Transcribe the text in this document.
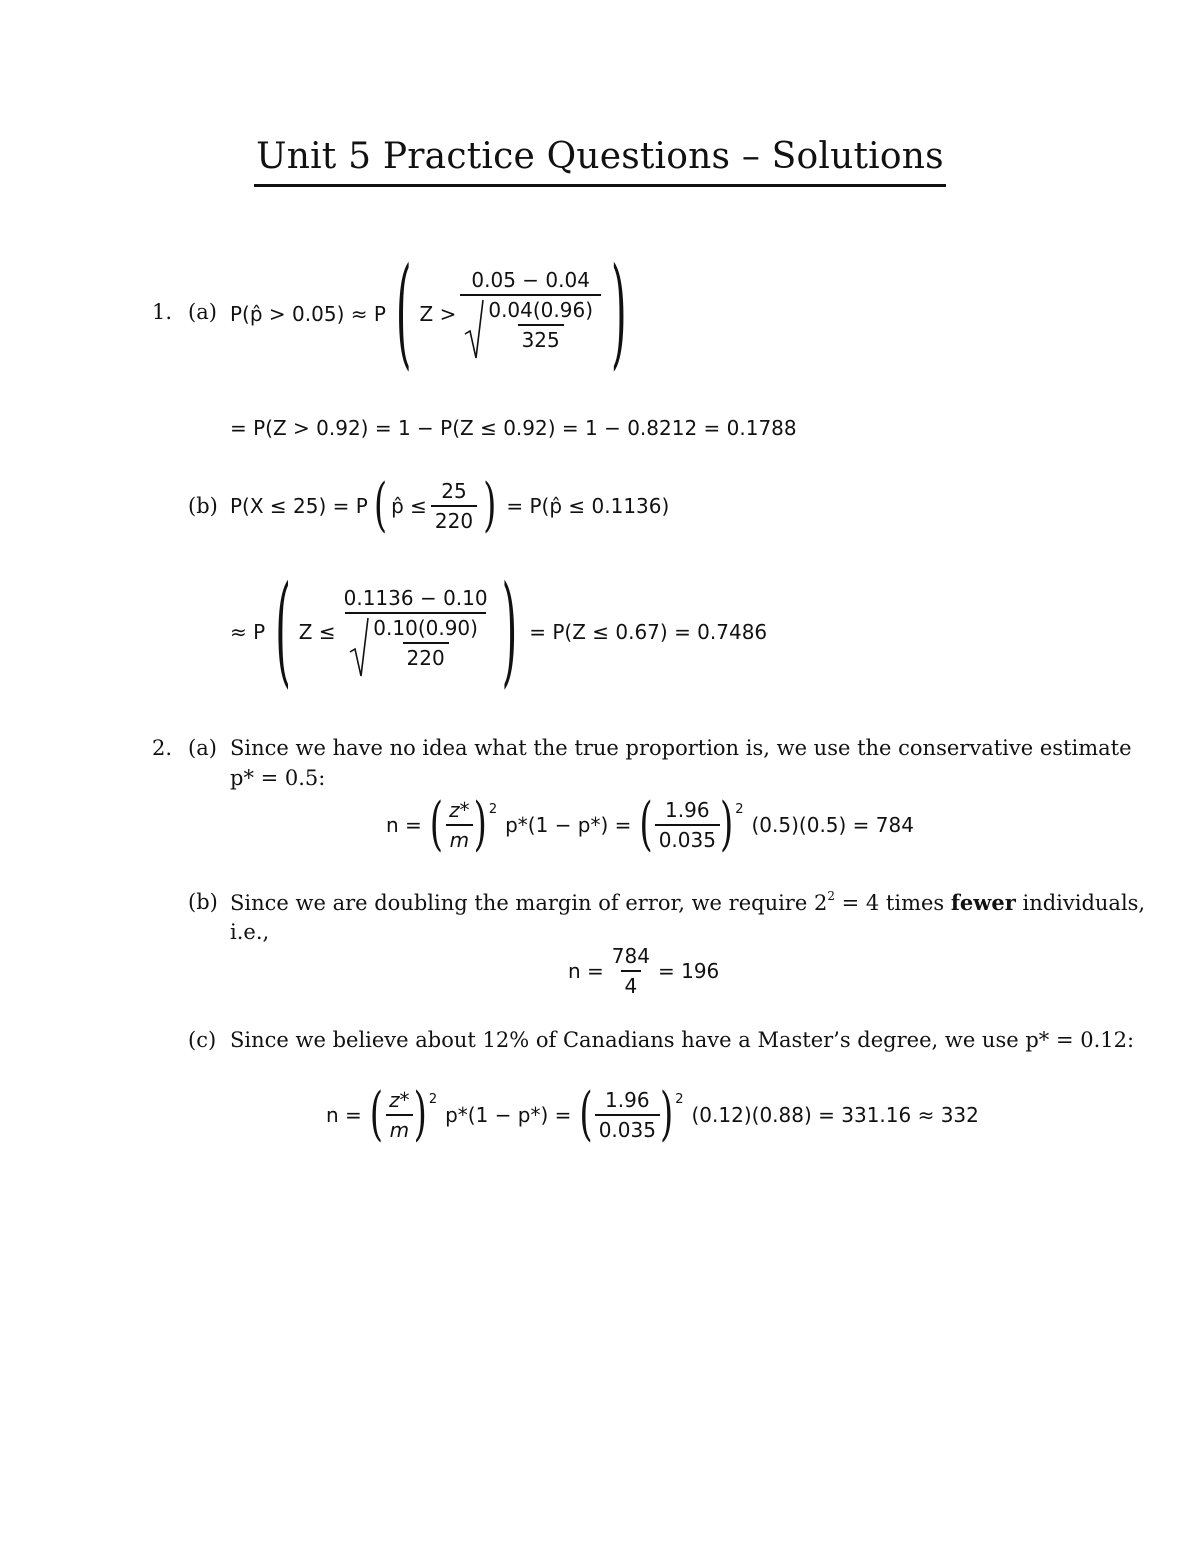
Unit 5 Practice Questions – Solutions
1. (a) P(p̂ > 0.05) ≈ P ( $Z > \frac{0.05 - 0.04}{\frac{0.04(0.96)}{325}}$ )
= P(Z > 0.92) = 1 − P(Z ≤ 0.92) = 1 − 0.8212 = 0.1788
(b) P(X ≤ 25) = P ( p̂ ≤ $\frac{25}{220}$ ) = P(p̂ ≤ 0.1136)
≈ P ( $Z \le \frac{0.1136 - 0.10}{\frac{0.10(0.90)}{220}}$ ) = P(Z ≤ 0.67) = 0.7486
2. (a) Since we have no idea what the true proportion is, we use the conservative estimate
p* = 0.5:
n = ( $\frac{z*}{m}$ ) 2
p*(1 − p*) = ( $\frac{1.96}{0.035}$ ) 2
(0.5)(0.5) = 784
(b) Since we are doubling the margin of error, we require $2^2 = 4$ times fewer individuals,
i.e.,
$n = \frac{784}{4} = 196$
(c) Since we believe about 12% of Canadians have a Master’s degree, we use p* = 0.12:
n = ( $\frac{z*}{m}$ ) 2
p*(1 − p*) = ( $\frac{1.96}{0.035}$ ) 2
(0.12)(0.88) = 331.16 ≈ 332
